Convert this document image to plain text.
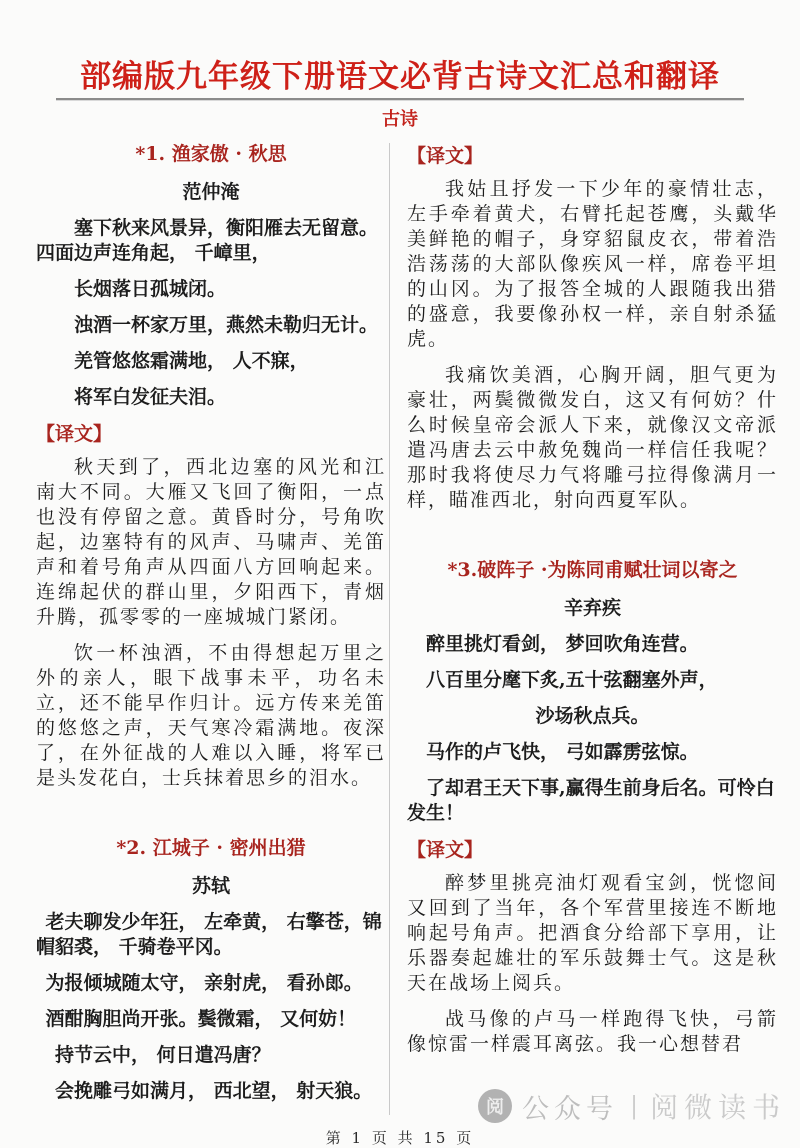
部编版九年级下册语文必背古诗文汇总和翻译
古诗
*1. 渔家傲 · 秋思
范仲淹

塞下秋来风景异，衡阳雁去无留意。四面边声连角起， 千嶂里，

长烟落日孤城闭。

浊酒一杯家万里，燕然未勒归无计。

羌管悠悠霜满地， 人不寐，

将军白发征夫泪。

【译文】

秋天到了，西北边塞的风光和江南大不同。大雁又飞回了衡阳，一点也没有停留之意。黄昏时分，号角吹起，边塞特有的风声、马啸声、羌笛声和着号角声从四面八方回响起来。连绵起伏的群山里，夕阳西下，青烟升腾，孤零零的一座城城门紧闭。

饮一杯浊酒，不由得想起万里之外的亲人，眼下战事未平，功名未立，还不能早作归计。远方传来羌笛的悠悠之声，天气寒冷霜满地。夜深了，在外征战的人难以入睡，将军已是头发花白，士兵抹着思乡的泪水。

*2. 江城子 · 密州出猎
苏轼

老夫聊发少年狂， 左牵黄， 右擎苍，锦帽貂裘， 千骑卷平冈。

为报倾城随太守， 亲射虎， 看孙郎。

酒酣胸胆尚开张。鬓微霜， 又何妨！

持节云中， 何日遣冯唐？

会挽雕弓如满月， 西北望， 射天狼。

【译文】

我姑且抒发一下少年的豪情壮志，左手牵着黄犬，右臂托起苍鹰，头戴华美鲜艳的帽子，身穿貂鼠皮衣，带着浩浩荡荡的大部队像疾风一样，席卷平坦的山冈。为了报答全城的人跟随我出猎的盛意，我要像孙权一样，亲自射杀猛虎。

我痛饮美酒，心胸开阔，胆气更为豪壮，两鬓微微发白，这又有何妨？什么时候皇帝会派人下来，就像汉文帝派遣冯唐去云中赦免魏尚一样信任我呢？那时我将使尽力气将雕弓拉得像满月一样，瞄准西北，射向西夏军队。

*3.破阵子 ·为陈同甫赋壮词以寄之
辛弃疾

醉里挑灯看剑， 梦回吹角连营。

八百里分麾下炙,五十弦翻塞外声，

沙场秋点兵。

马作的卢飞快， 弓如霹雳弦惊。

了却君王天下事,赢得生前身后名。可怜白发生！

【译文】

醉梦里挑亮油灯观看宝剑，恍惚间又回到了当年，各个军营里接连不断地响起号角声。把酒食分给部下享用，让乐器奏起雄壮的军乐鼓舞士气。这是秋天在战场上阅兵。

战马像的卢马一样跑得飞快，弓箭像惊雷一样震耳离弦。我一心想替君

阅 公众号 | 阅微读书
第 1 页 共 15 页
